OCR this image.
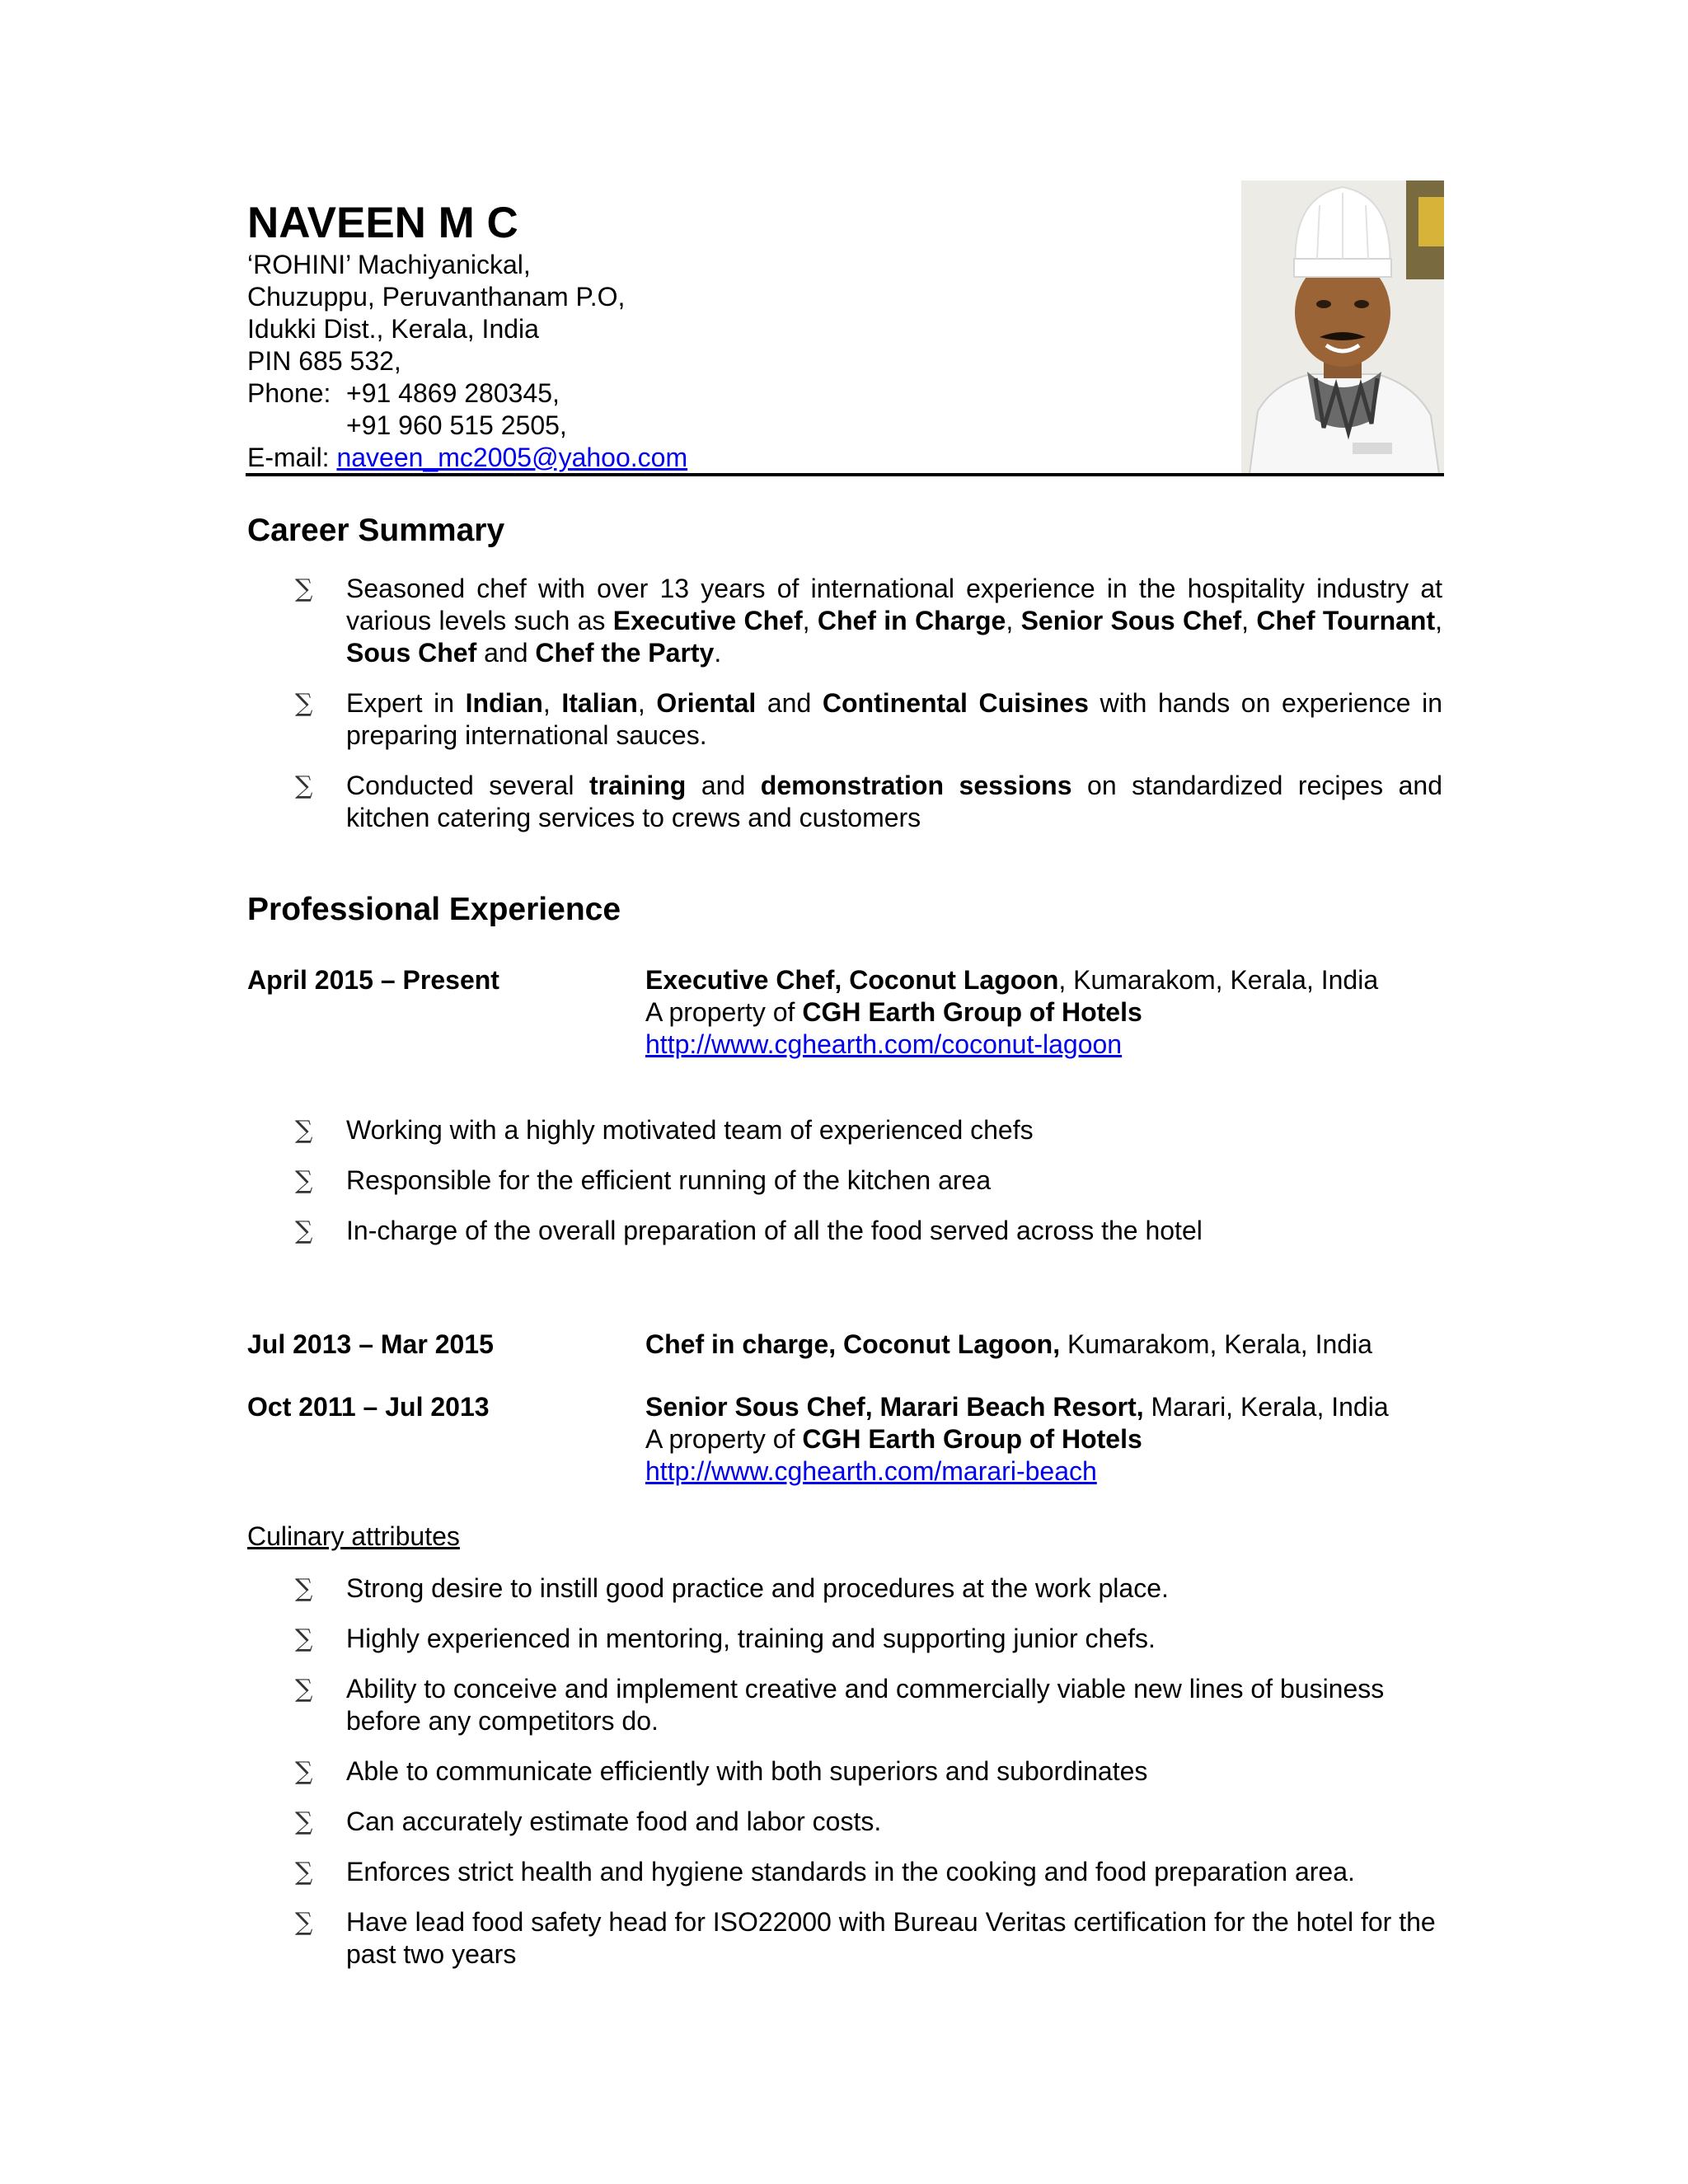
NAVEEN M C
‘ROHINI’ Machiyanickal,
Chuzuppu, Peruvanthanam P.O,
Idukki Dist., Kerala, India
PIN 685 532,
Phone: +91 4869 280345,
+91 960 515 2505,
E-mail: naveen_mc2005@yahoo.com
Career Summary
∑	Seasoned chef with over 13 years of international experience in the hospitality industry at various levels such as Executive Chef, Chef in Charge, Senior Sous Chef, Chef Tournant, Sous Chef and Chef the Party.
∑	Expert in Indian, Italian, Oriental and Continental Cuisines with hands on experience in preparing international sauces.
∑	Conducted several training and demonstration sessions on standardized recipes and kitchen catering services to crews and customers
Professional Experience
April 2015 – Present	Executive Chef, Coconut Lagoon, Kumarakom, Kerala, India
A property of CGH Earth Group of Hotels
http://www.cghearth.com/coconut-lagoon
∑	Working with a highly motivated team of experienced chefs
∑	Responsible for the efficient running of the kitchen area
∑	In-charge of the overall preparation of all the food served across the hotel
Jul 2013 – Mar 2015	Chef in charge, Coconut Lagoon, Kumarakom, Kerala, India
Oct 2011 – Jul 2013	Senior Sous Chef, Marari Beach Resort, Marari, Kerala, India
A property of CGH Earth Group of Hotels
http://www.cghearth.com/marari-beach
Culinary attributes
∑	Strong desire to instill good practice and procedures at the work place.
∑	Highly experienced in mentoring, training and supporting junior chefs.
∑	Ability to conceive and implement creative and commercially viable new lines of business before any competitors do.
∑	Able to communicate efficiently with both superiors and subordinates
∑	Can accurately estimate food and labor costs.
∑	Enforces strict health and hygiene standards in the cooking and food preparation area.
∑	Have lead food safety head for ISO22000 with Bureau Veritas certification for the hotel for the past two years
